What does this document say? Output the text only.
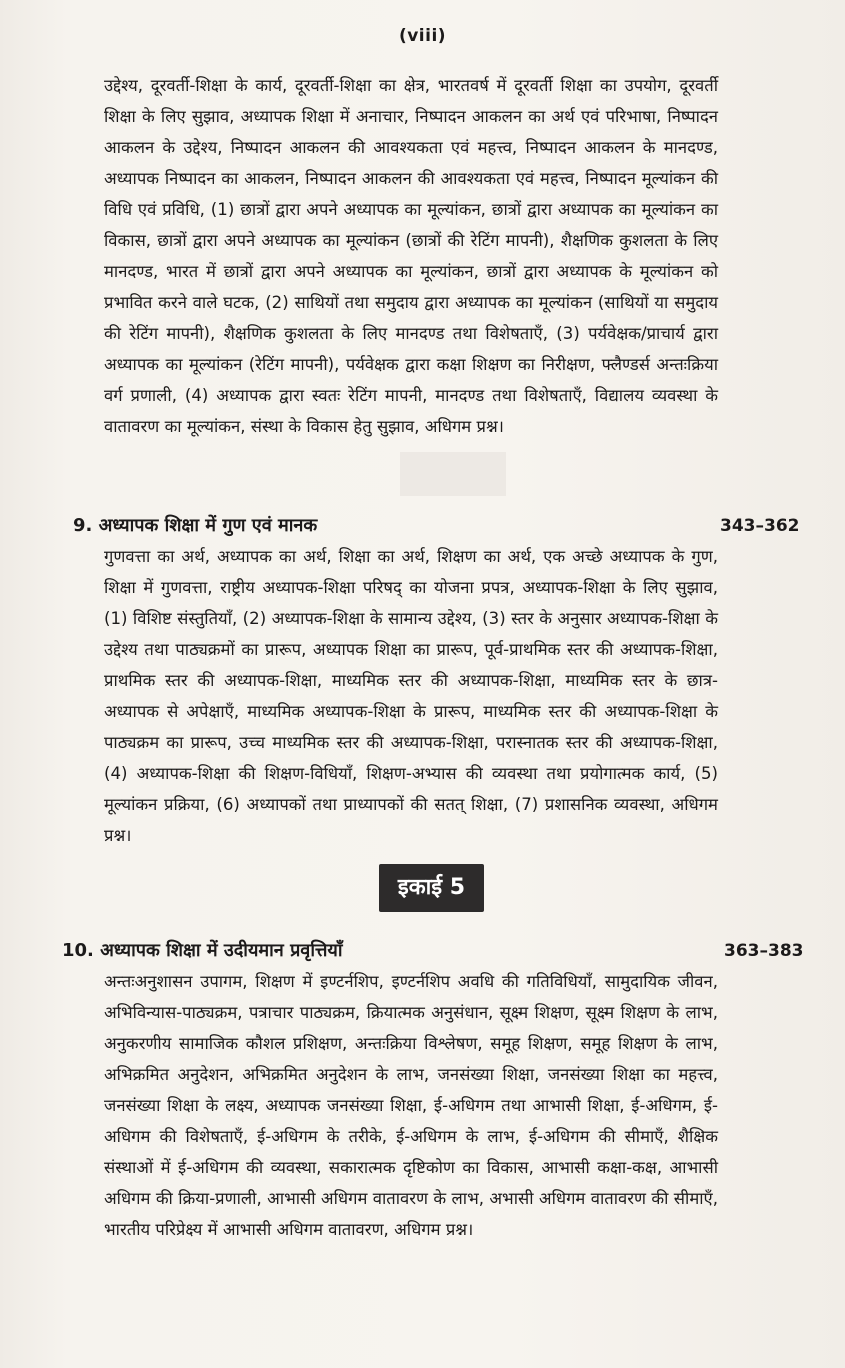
(viii)

उद्देश्य, दूरवर्ती-शिक्षा के कार्य, दूरवर्ती-शिक्षा का क्षेत्र, भारतवर्ष में दूरवर्ती शिक्षा का उपयोग, दूरवर्ती शिक्षा के लिए सुझाव, अध्यापक शिक्षा में अनाचार, निष्पादन आकलन का अर्थ एवं परिभाषा, निष्पादन आकलन के उद्देश्य, निष्पादन आकलन की आवश्यकता एवं महत्त्व, निष्पादन आकलन के मानदण्ड, अध्यापक निष्पादन का आकलन, निष्पादन आकलन की आवश्यकता एवं महत्त्व, निष्पादन मूल्यांकन की विधि एवं प्रविधि, (1) छात्रों द्वारा अपने अध्यापक का मूल्यांकन, छात्रों द्वारा अध्यापक का मूल्यांकन का विकास, छात्रों द्वारा अपने अध्यापक का मूल्यांकन (छात्रों की रेटिंग मापनी), शैक्षणिक कुशलता के लिए मानदण्ड, भारत में छात्रों द्वारा अपने अध्यापक का मूल्यांकन, छात्रों द्वारा अध्यापक के मूल्यांकन को प्रभावित करने वाले घटक, (2) साथियों तथा समुदाय द्वारा अध्यापक का मूल्यांकन (साथियों या समुदाय की रेटिंग मापनी), शैक्षणिक कुशलता के लिए मानदण्ड तथा विशेषताएँ, (3) पर्यवेक्षक/प्राचार्य द्वारा अध्यापक का मूल्यांकन (रेटिंग मापनी), पर्यवेक्षक द्वारा कक्षा शिक्षण का निरीक्षण, फ्लैण्डर्स अन्तःक्रिया वर्ग प्रणाली, (4) अध्यापक द्वारा स्वतः रेटिंग मापनी, मानदण्ड तथा विशेषताएँ, विद्यालय व्यवस्था के वातावरण का मूल्यांकन, संस्था के विकास हेतु सुझाव, अधिगम प्रश्न।

9. अध्यापक शिक्षा में गुण एवं मानक	343–362

गुणवत्ता का अर्थ, अध्यापक का अर्थ, शिक्षा का अर्थ, शिक्षण का अर्थ, एक अच्छे अध्यापक के गुण, शिक्षा में गुणवत्ता, राष्ट्रीय अध्यापक-शिक्षा परिषद् का योजना प्रपत्र, अध्यापक-शिक्षा के लिए सुझाव, (1) विशिष्ट संस्तुतियाँ, (2) अध्यापक-शिक्षा के सामान्य उद्देश्य, (3) स्तर के अनुसार अध्यापक-शिक्षा के उद्देश्य तथा पाठ्यक्रमों का प्रारूप, अध्यापक शिक्षा का प्रारूप, पूर्व-प्राथमिक स्तर की अध्यापक-शिक्षा, प्राथमिक स्तर की अध्यापक-शिक्षा, माध्यमिक स्तर की अध्यापक-शिक्षा, माध्यमिक स्तर के छात्र-अध्यापक से अपेक्षाएँ, माध्यमिक अध्यापक-शिक्षा के प्रारूप, माध्यमिक स्तर की अध्यापक-शिक्षा के पाठ्यक्रम का प्रारूप, उच्च माध्यमिक स्तर की अध्यापक-शिक्षा, परास्नातक स्तर की अध्यापक-शिक्षा, (4) अध्यापक-शिक्षा की शिक्षण-विधियाँ, शिक्षण-अभ्यास की व्यवस्था तथा प्रयोगात्मक कार्य, (5) मूल्यांकन प्रक्रिया, (6) अध्यापकों तथा प्राध्यापकों की सतत् शिक्षा, (7) प्रशासनिक व्यवस्था, अधिगम प्रश्न।

इकाई 5
10. अध्यापक शिक्षा में उदीयमान प्रवृत्तियाँ	363–383

अन्तःअनुशासन उपागम, शिक्षण में इण्टर्नशिप, इण्टर्नशिप अवधि की गतिविधियाँ, सामुदायिक जीवन, अभिविन्यास-पाठ्यक्रम, पत्राचार पाठ्यक्रम, क्रियात्मक अनुसंधान, सूक्ष्म शिक्षण, सूक्ष्म शिक्षण के लाभ, अनुकरणीय सामाजिक कौशल प्रशिक्षण, अन्तःक्रिया विश्लेषण, समूह शिक्षण, समूह शिक्षण के लाभ, अभिक्रमित अनुदेशन, अभिक्रमित अनुदेशन के लाभ, जनसंख्या शिक्षा, जनसंख्या शिक्षा का महत्त्व, जनसंख्या शिक्षा के लक्ष्य, अध्यापक जनसंख्या शिक्षा, ई-अधिगम तथा आभासी शिक्षा, ई-अधिगम, ई-अधिगम की विशेषताएँ, ई-अधिगम के तरीके, ई-अधिगम के लाभ, ई-अधिगम की सीमाएँ, शैक्षिक संस्थाओं में ई-अधिगम की व्यवस्था, सकारात्मक दृष्टिकोण का विकास, आभासी कक्षा-कक्ष, आभासी अधिगम की क्रिया-प्रणाली, आभासी अधिगम वातावरण के लाभ, अभासी अधिगम वातावरण की सीमाएँ, भारतीय परिप्रेक्ष्य में आभासी अधिगम वातावरण, अधिगम प्रश्न।
